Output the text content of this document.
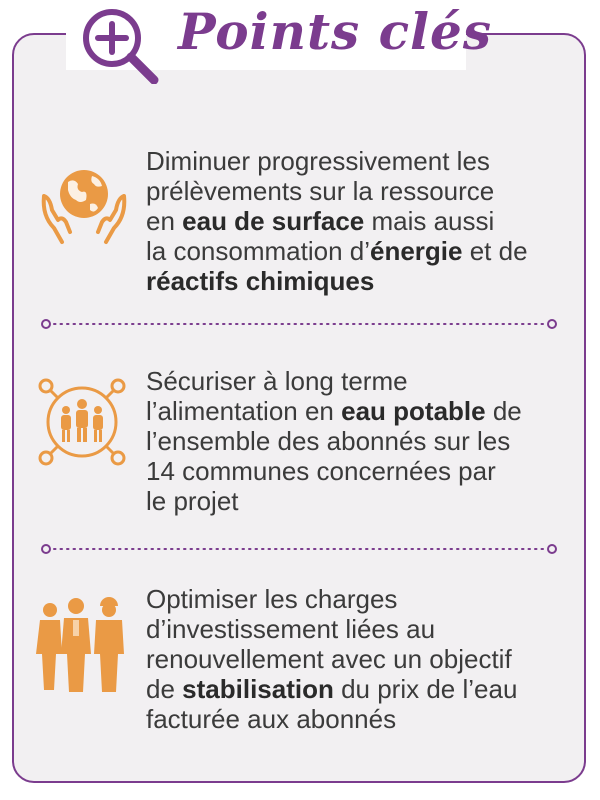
Points clés
Diminuer progressivement les
prélèvements sur la ressource
en eau de surface mais aussi
la consommation d’énergie et de
réactifs chimiques
Sécuriser à long terme
l’alimentation en eau potable de
l’ensemble des abonnés sur les
14 communes concernées par
le projet
Optimiser les charges
d’investissement liées au
renouvellement avec un objectif
de stabilisation du prix de l’eau
facturée aux abonnés
